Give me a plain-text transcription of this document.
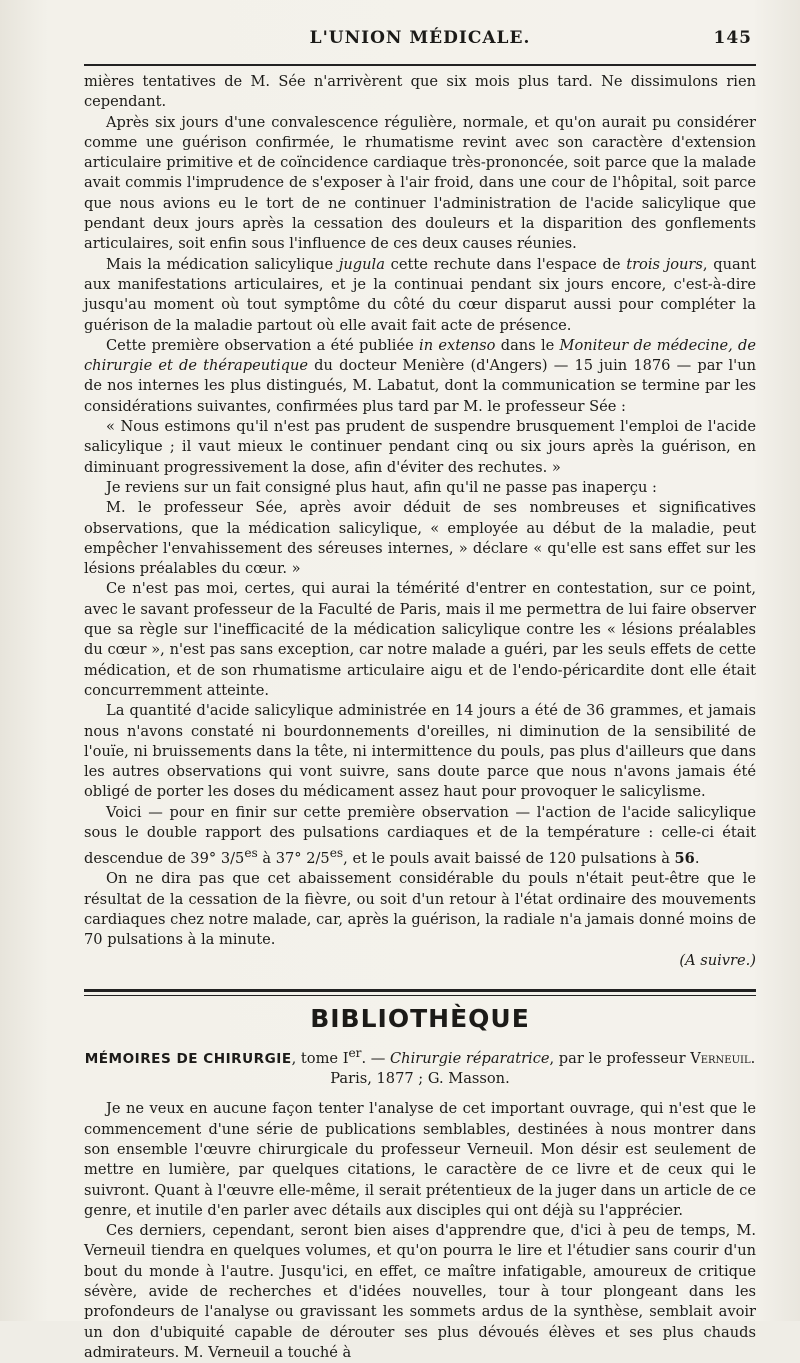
L'UNION MÉDICALE.	145

mières tentatives de M. Sée n'arrivèrent que six mois plus tard. Ne dissimulons rien cependant.

Après six jours d'une convalescence régulière, normale, et qu'on aurait pu considérer comme une guérison confirmée, le rhumatisme revint avec son caractère d'extension articulaire primitive et de coïncidence cardiaque très-prononcée, soit parce que la malade avait commis l'imprudence de s'exposer à l'air froid, dans une cour de l'hôpital, soit parce que nous avions eu le tort de ne continuer l'administration de l'acide salicylique que pendant deux jours après la cessation des douleurs et la disparition des gonflements articulaires, soit enfin sous l'influence de ces deux causes réunies.

Mais la médication salicylique jugula cette rechute dans l'espace de trois jours, quant aux manifestations articulaires, et je la continuai pendant six jours encore, c'est-à-dire jusqu'au moment où tout symptôme du côté du cœur disparut aussi pour compléter la guérison de la maladie partout où elle avait fait acte de présence.

Cette première observation a été publiée in extenso dans le Moniteur de médecine, de chirurgie et de thérapeutique du docteur Menière (d'Angers) — 15 juin 1876 — par l'un de nos internes les plus distingués, M. Labatut, dont la communication se termine par les considérations suivantes, confirmées plus tard par M. le professeur Sée :

« Nous estimons qu'il n'est pas prudent de suspendre brusquement l'emploi de l'acide salicylique ; il vaut mieux le continuer pendant cinq ou six jours après la guérison, en diminuant progressivement la dose, afin d'éviter des rechutes. »

Je reviens sur un fait consigné plus haut, afin qu'il ne passe pas inaperçu :

M. le professeur Sée, après avoir déduit de ses nombreuses et significatives observations, que la médication salicylique, « employée au début de la maladie, peut empêcher l'envahissement des séreuses internes, » déclare « qu'elle est sans effet sur les lésions préalables du cœur. »

Ce n'est pas moi, certes, qui aurai la témérité d'entrer en contestation, sur ce point, avec le savant professeur de la Faculté de Paris, mais il me permettra de lui faire observer que sa règle sur l'inefficacité de la médication salicylique contre les « lésions préalables du cœur », n'est pas sans exception, car notre malade a guéri, par les seuls effets de cette médication, et de son rhumatisme articulaire aigu et de l'endo-péricardite dont elle était concurremment atteinte.

La quantité d'acide salicylique administrée en 14 jours a été de 36 grammes, et jamais nous n'avons constaté ni bourdonnements d'oreilles, ni diminution de la sensibilité de l'ouïe, ni bruissements dans la tête, ni intermittence du pouls, pas plus d'ailleurs que dans les autres observations qui vont suivre, sans doute parce que nous n'avons jamais été obligé de porter les doses du médicament assez haut pour provoquer le salicylisme.

Voici — pour en finir sur cette première observation — l'action de l'acide salicylique sous le double rapport des pulsations cardiaques et de la température : celle-ci était descendue de 39° $3/5^{es}$ à 37° $2/5^{es}$, et le pouls avait baissé de 120 pulsations à 56.

On ne dira pas que cet abaissement considérable du pouls n'était peut-être que le résultat de la cessation de la fièvre, ou soit d'un retour à l'état ordinaire des mouvements cardiaques chez notre malade, car, après la guérison, la radiale n'a jamais donné moins de 70 pulsations à la minute.

(A suivre.)

BIBLIOTHÈQUE
MÉMOIRES DE CHIRURGIE, tome Ier. — Chirurgie réparatrice, par le professeur Verneuil.
Paris, 1877 ; G. Masson.

Je ne veux en aucune façon tenter l'analyse de cet important ouvrage, qui n'est que le commencement d'une série de publications semblables, destinées à nous montrer dans son ensemble l'œuvre chirurgicale du professeur Verneuil. Mon désir est seulement de mettre en lumière, par quelques citations, le caractère de ce livre et de ceux qui le suivront. Quant à l'œuvre elle-même, il serait prétentieux de la juger dans un article de ce genre, et inutile d'en parler avec détails aux disciples qui ont déjà su l'apprécier.

Ces derniers, cependant, seront bien aises d'apprendre que, d'ici à peu de temps, M. Verneuil tiendra en quelques volumes, et qu'on pourra le lire et l'étudier sans courir d'un bout du monde à l'autre. Jusqu'ici, en effet, ce maître infatigable, amoureux de critique sévère, avide de recherches et d'idées nouvelles, tour à tour plongeant dans les profondeurs de l'analyse ou gravissant les sommets ardus de la synthèse, semblait avoir un don d'ubiquité capable de dérouter ses plus dévoués élèves et ses plus chauds admirateurs. M. Verneuil a touché à
